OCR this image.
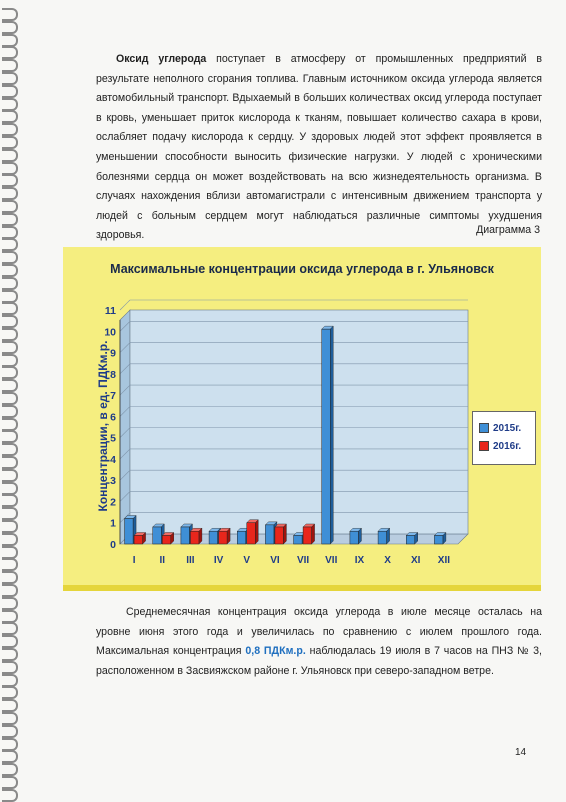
Оксид углерода поступает в атмосферу от промышленных предприятий в результате неполного сгорания топлива. Главным источником оксида углерода является автомобильный транспорт. Вдыхаемый в больших количествах оксид углерода поступает в кровь, уменьшает приток кислорода к тканям, повышает количество сахара в крови, ослабляет подачу кислорода к сердцу. У здоровых людей этот эффект проявляется в уменьшении способности выносить физические нагрузки. У людей с хроническими болезнями сердца он может воздействовать на всю жизнедеятельность организма. В случаях нахождения вблизи автомагистрали с интенсивным движением транспорта у людей с больным сердцем могут наблюдаться различные симптомы ухудшения здоровья.	Диаграмма 3
Максимальные концентрации оксида углерода в г. Ульяновск
Концентрации, в ед. ПДКм.р.
0
1
2
3
4
5
6
7
8
9
10
11
I II III IV V VI VII VII IX X XI XII
2015г.
2016г.
Среднемесячная концентрация оксида углерода в июле месяце осталась на уровне июня этого года и увеличилась по сравнению с июлем прошлого года. Максимальная концентрация 0,8 ПДКм.р. наблюдалась 19 июля в 7 часов на ПНЗ № 3, расположенном в Засвияжском районе г. Ульяновск при северо-западном ветре.
14
